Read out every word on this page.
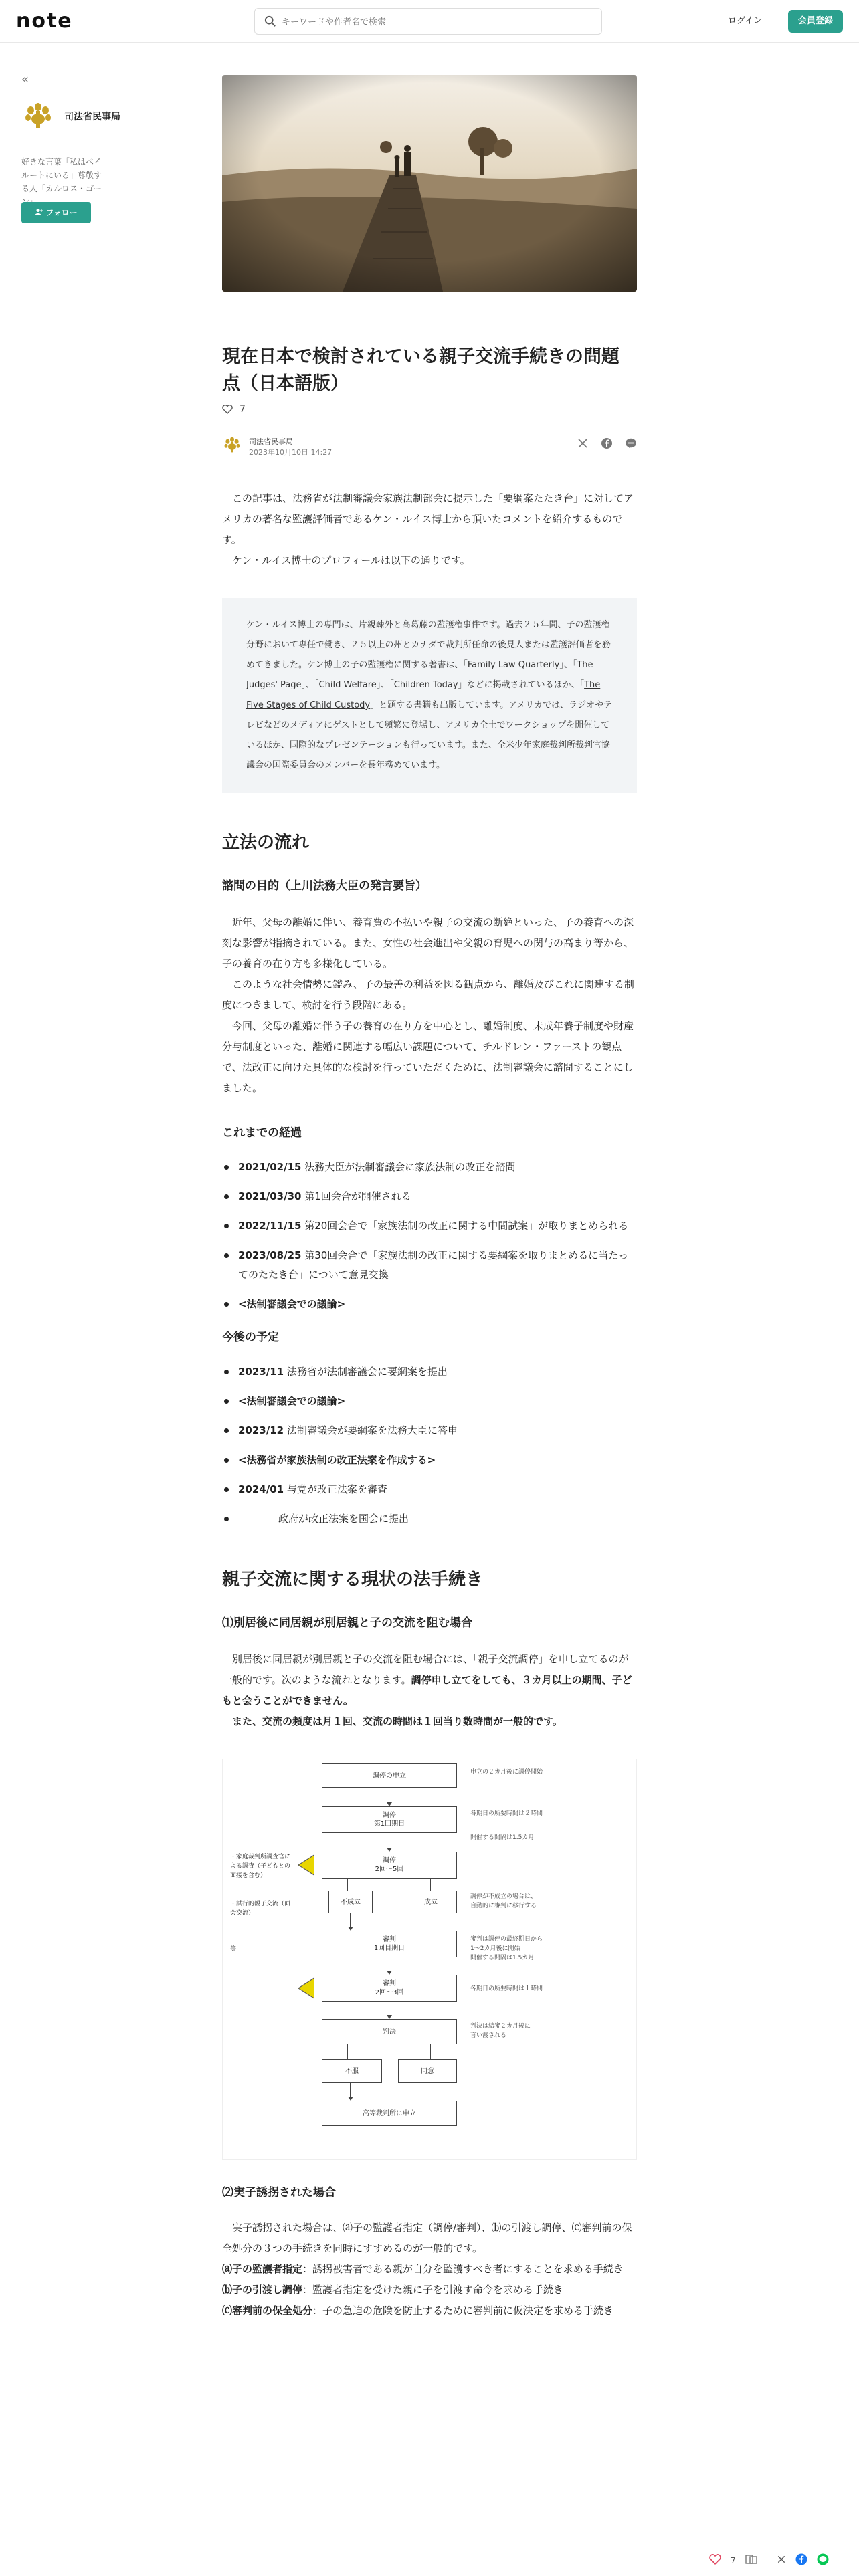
note
キーワードや作者名で検索	ログイン	会員登録
«
司法省民事局
好きな言葉「私はベイルートにいる」尊敬する人「カルロス・ゴー
フォロー
現在日本で検討されている親子交流手続きの問題点（日本語版）
7
司法省民事局
2023年10月10日 14:27
　この記事は、法務省が法制審議会家族法制部会に提示した「要綱案たたき台」に対してアメリカの著名な監護評価者であるケン・ルイス博士から頂いたコメントを紹介するものです。
　ケン・ルイス博士のプロフィールは以下の通りです。
ケン・ルイス博士の専門は、片親疎外と高葛藤の監護権事件です。過去２５年間、子の監護権分野において専任で働き、２５以上の州とカナダで裁判所任命の後見人または監護評価者を務めてきました。ケン博士の子の監護権に関する著書は、「Family Law Quarterly」、「The Judges' Page」、「Child Welfare」、「Children Today」などに掲載されているほか、「The Five Stages of Child Custody」と題する書籍も出版しています。アメリカでは、ラジオやテレビなどのメディアにゲストとして頻繁に登場し、アメリカ全土でワークショップを開催しているほか、国際的なプレゼンテーションも行っています。また、全米少年家庭裁判所裁判官協議会の国際委員会のメンバーを長年務めています。
立法の流れ
諮問の目的（上川法務大臣の発言要旨）
　近年、父母の離婚に伴い、養育費の不払いや親子の交流の断絶といった、子の養育への深刻な影響が指摘されている。また、女性の社会進出や父親の育児への関与の高まり等から、子の養育の在り方も多様化している。
　このような社会情勢に鑑み、子の最善の利益を図る観点から、離婚及びこれに関連する制度につきまして、検討を行う段階にある。
　今回、父母の離婚に伴う子の養育の在り方を中心とし、離婚制度、未成年養子制度や財産分与制度といった、離婚に関連する幅広い課題について、チルドレン・ファーストの観点で、法改正に向けた具体的な検討を行っていただくために、法制審議会に諮問することにしました。
これまでの経過
2021/02/15 法務大臣が法制審議会に家族法制の改正を諮問
2021/03/30 第1回会合が開催される
2022/11/15 第20回会合で「家族法制の改正に関する中間試案」が取りまとめられる
2023/08/25 第30回会合で「家族法制の改正に関する要綱案を取りまとめるに当たってのたたき台」について意見交換
<法制審議会での議論>
今後の予定
2023/11 法務省が法制審議会に要綱案を提出
<法制審議会での議論>
2023/12 法制審議会が要綱案を法務大臣に答申
<法務省が家族法制の改正法案を作成する>
2024/01 与党が改正法案を審査
　　　　政府が改正法案を国会に提出
親子交流に関する現状の法手続き
⑴別居後に同居親が別居親と子の交流を阻む場合
　別居後に同居親が別居親と子の交流を阻む場合には、「親子交流調停」を申し立てるのが一般的です。次のような流れとなります。調停申し立てをしても、３カ月以上の期間、子どもと会うことができません。
　また、交流の頻度は月１回、交流の時間は１回当り数時間が一般的です。
調停の申立
調停
第1回期日
調停
2回〜5回
不成立	成立
審判
1回目期日
審判
2回〜3回
判決
不服	同意
高等裁判所に申立
申立の２カ月後に調停開始
各期日の所要時間は２時間
開催する間隔は1.5カ月
調停が不成立の場合は、
自動的に審判に移行する
審判は調停の最終期日から
1〜2カ月後に開始
開催する間隔は1.5カ月
各期日の所要時間は１時間
判決は結審２カ月後に
言い渡される
・家庭裁判所調査官による調査（子どもとの面接を含む）
・試行的親子交流（面会交流）
等
⑵実子誘拐された場合
　実子誘拐された場合は、⒜子の監護者指定（調停/審判）、⒝の引渡し調停、⒞審判前の保全処分の３つの手続きを同時にすすめるのが一般的です。
⒜子の監護者指定：誘拐被害者である親が自分を監護すべき者にすることを求める手続き
⒝子の引渡し調停：監護者指定を受けた親に子を引渡す命令を求める手続き
⒞審判前の保全処分：子の急迫の危険を防止するために審判前に仮決定を求める手続き
7
